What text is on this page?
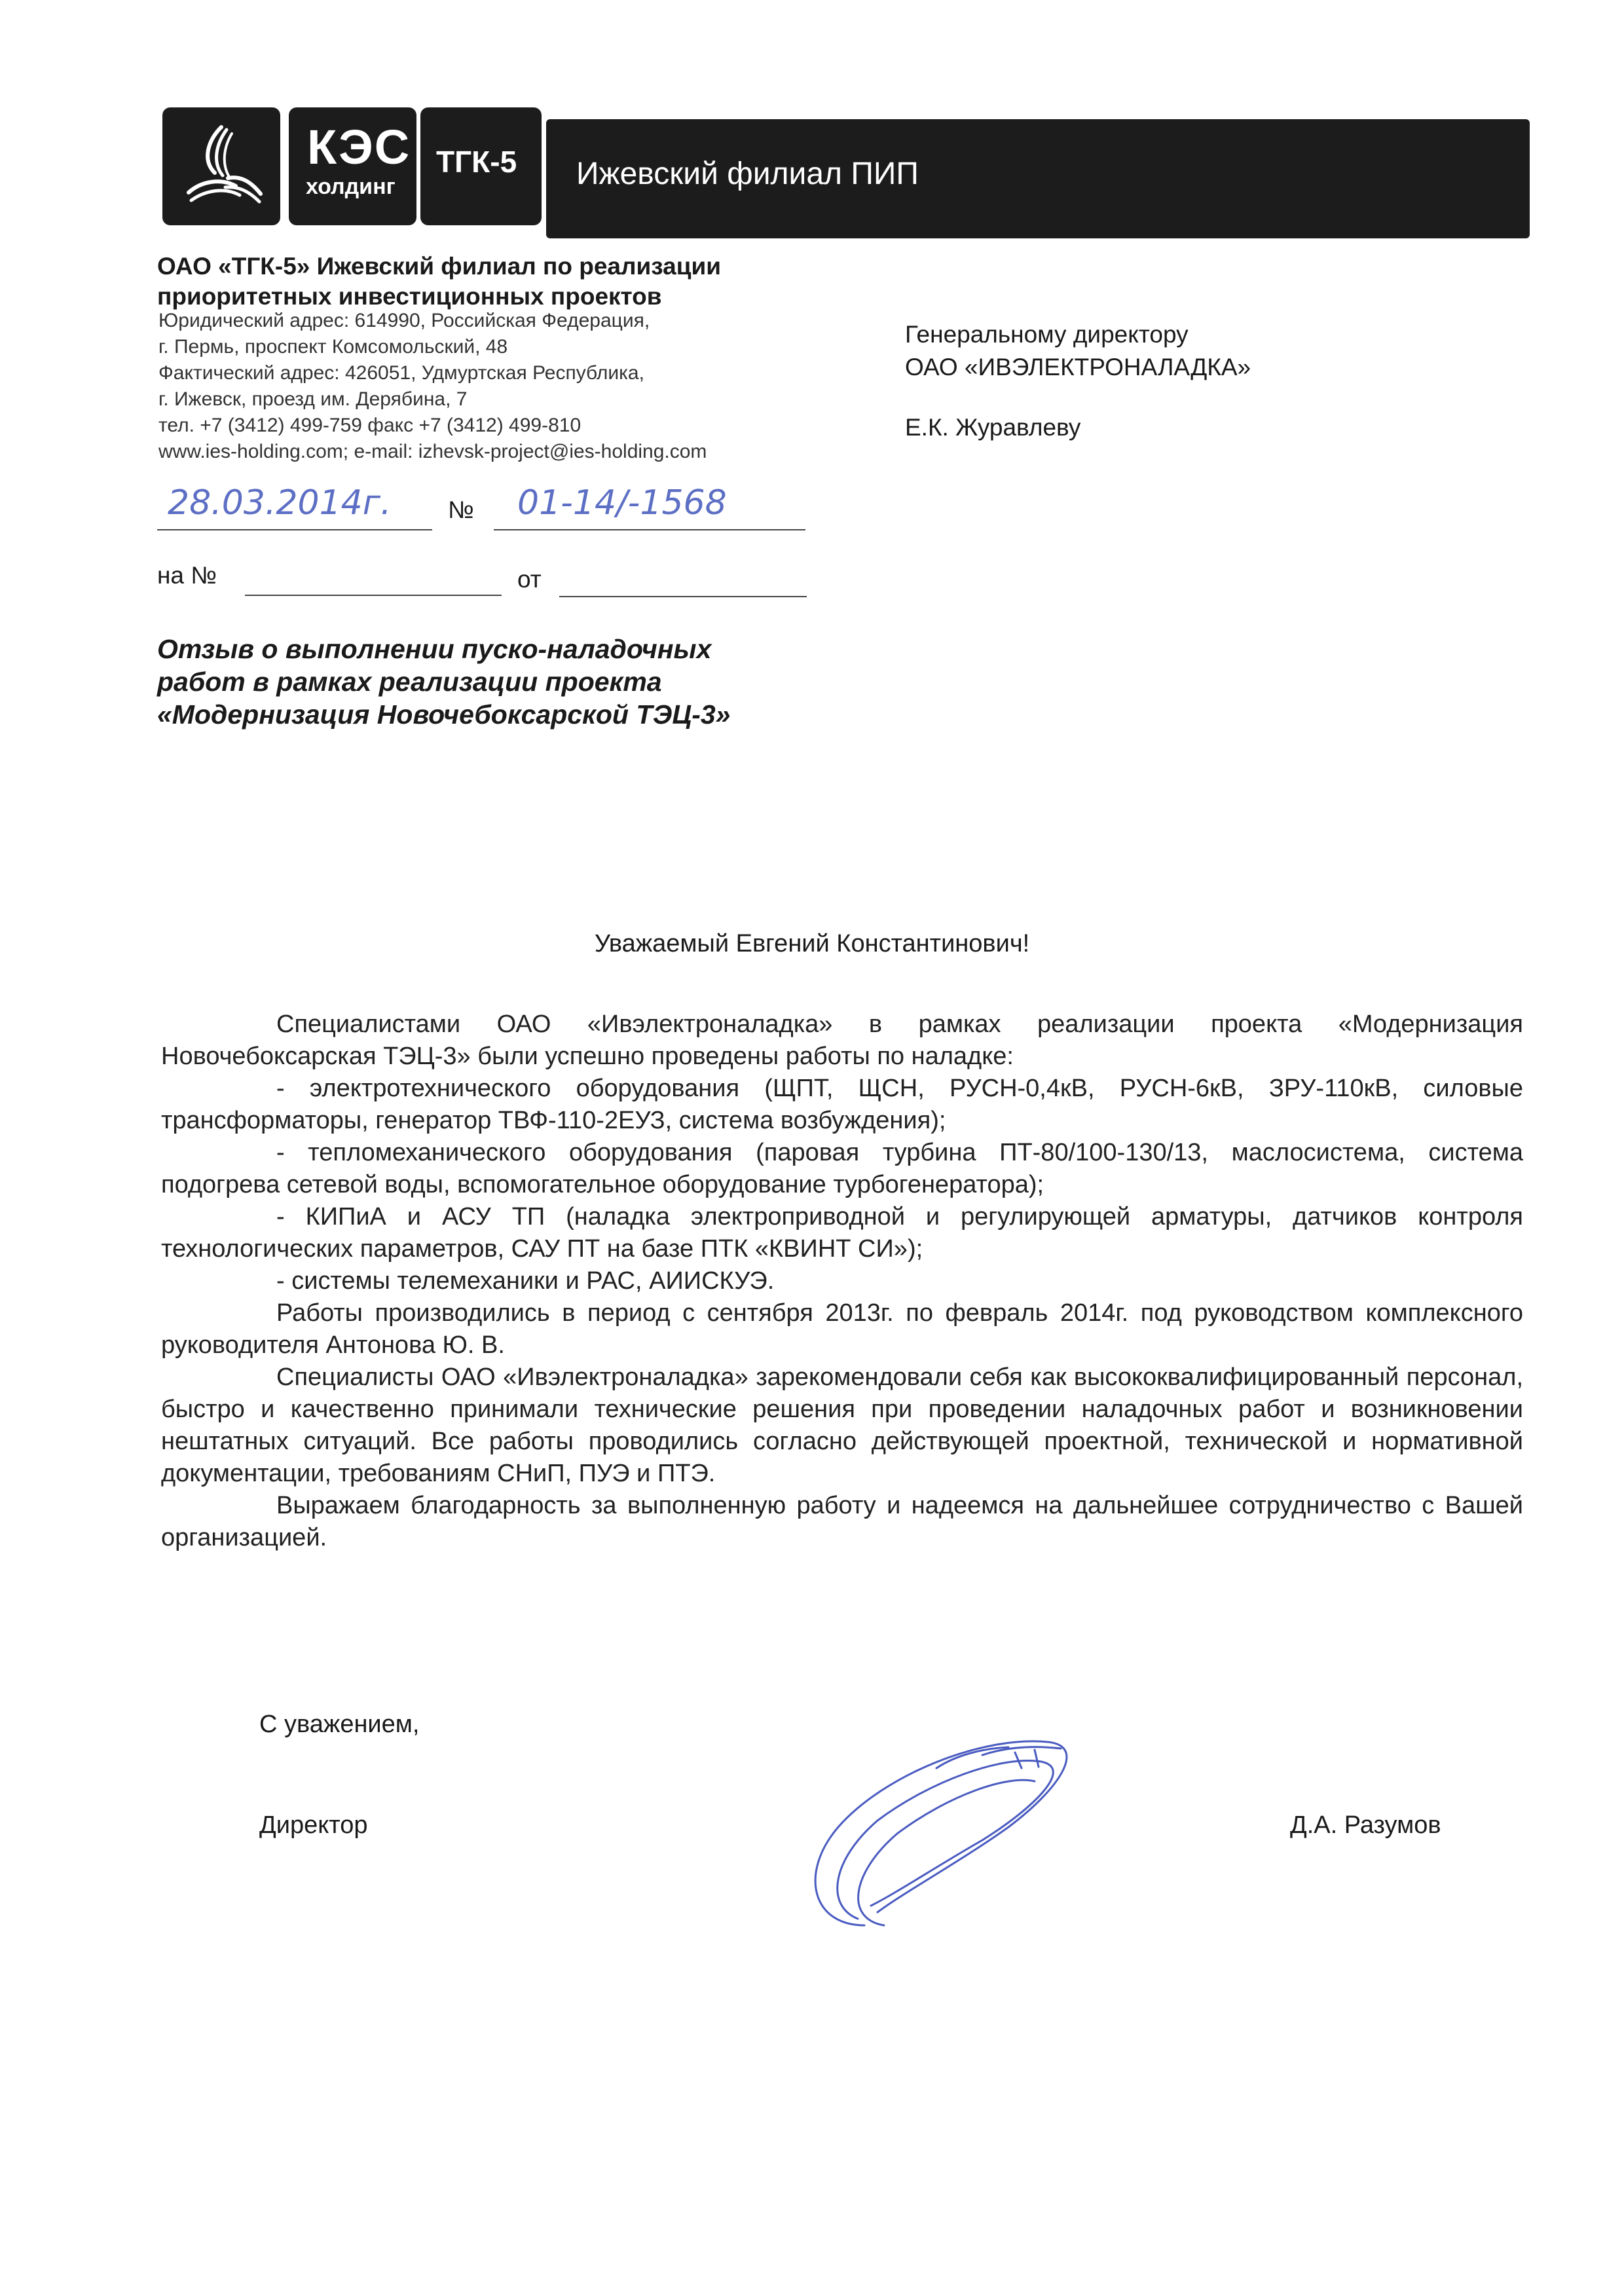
КЭС
холдинг
ТГК-5 Ижевский филиал ПИП
ОАО «ТГК-5» Ижевский филиал по реализации
приоритетных инвестиционных проектов
Юридический адрес: 614990, Российская Федерация,
г. Пермь, проспект Комсомольский, 48
Фактический адрес: 426051, Удмуртская Республика,
г. Ижевск, проезд им. Дерябина, 7
тел. +7 (3412) 499-759 факс +7 (3412) 499-810
www.ies-holding.com; e-mail: izhevsk-project@ies-holding.com
Генеральному директору
ОАО «ИВЭЛЕКТРОНАЛАДКА»
Е.К. Журавлеву
28.03.2014г. № 01-14/-1568
на №	от
Отзыв о выполнении пуско-наладочных
работ в рамках реализации проекта
«Модернизация Новочебоксарской ТЭЦ-3»
Уважаемый Евгений Константинович!

Специалистами ОАО «Ивэлектроналадка» в рамках реализации проекта «Модернизация Новочебоксарская ТЭЦ-3» были успешно проведены работы по наладке:

- электротехнического оборудования (ЩПТ, ЩСН, РУСН-0,4кВ, РУСН-6кВ, ЗРУ-110кВ, силовые трансформаторы, генератор ТВФ-110-2ЕУЗ, система возбуждения);

- тепломеханического оборудования (паровая турбина ПТ-80/100-130/13, маслосистема, система подогрева сетевой воды, вспомогательное оборудование турбогенератора);

- КИПиА и АСУ ТП (наладка электроприводной и регулирующей арматуры, датчиков контроля технологических параметров, САУ ПТ на базе ПТК «КВИНТ СИ»);

- системы телемеханики и РАС, АИИСКУЭ.

Работы производились в период с сентября 2013г. по февраль 2014г. под руководством комплексного руководителя Антонова Ю. В.

Специалисты ОАО «Ивэлектроналадка» зарекомендовали себя как высококвалифицированный персонал, быстро и качественно принимали технические решения при проведении наладочных работ и возникновении нештатных ситуаций. Все работы проводились согласно действующей проектной, технической и нормативной документации, требованиям СНиП, ПУЭ и ПТЭ.

Выражаем благодарность за выполненную работу и надеемся на дальнейшее сотрудничество с Вашей организацией.

С уважением,
Директор	Д.А. Разумов
